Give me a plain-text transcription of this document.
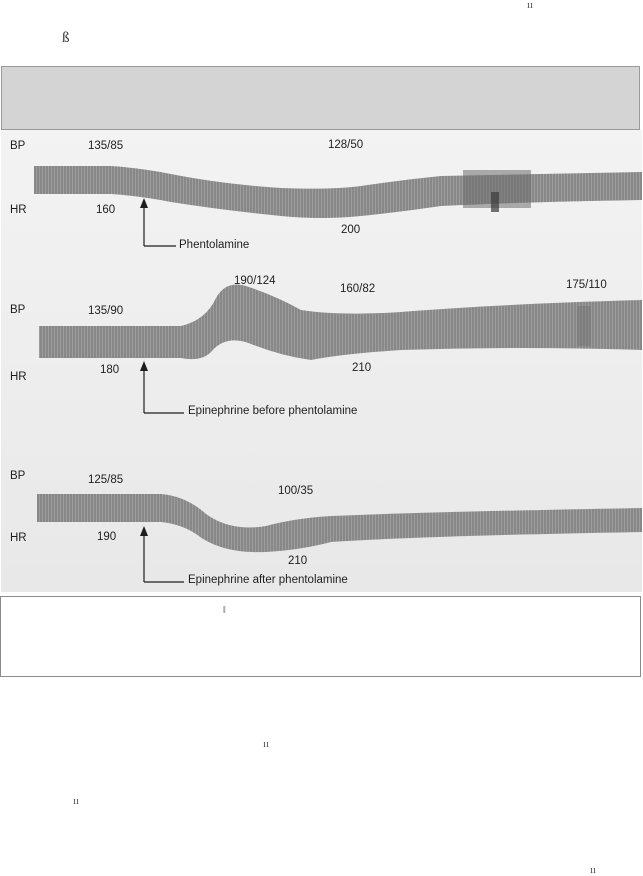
ıı
ß
BP	135/85	128/50
HR	160
200
Phentolamine
190/124
160/82	175/110
BP	135/90
HR
180	210
Epinephrine before phentolamine
BP	125/85
100/35
HR	190
210
Epinephrine after phentolamine
‖
ıı
ıı
ıı
